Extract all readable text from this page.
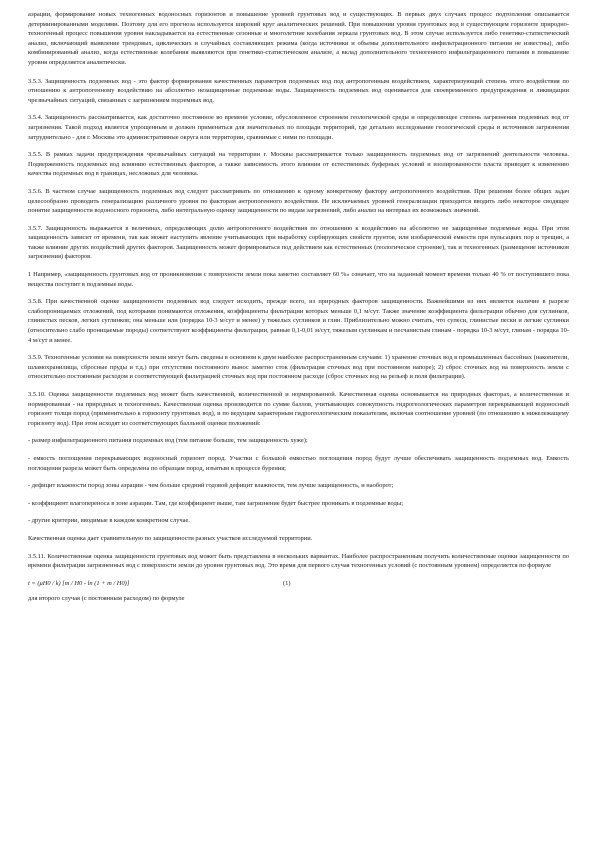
аэрации, формирование новых техногенных водоносных горизонтов и повышение уровней грунтовых вод и существующих. В первых двух случаях процесс подтопления описывается детерминированными моделями. Поэтому для его прогноза используется широкий круг аналитических решений. При повышении уровня грунтовых вод в существующем горизонте природно-техногенный процесс повышения уровня накладывается на естественные сезонные и многолетние колебания зеркала грунтовых вод. В этом случае используется либо генетико-статистический анализ, включающий выявление трендовых, циклических и случайных составляющих режима (когда источники и объемы дополнительного инфильтрационного питания не известны), либо комбинированный анализ, когда естественные колебания выявляются при генетико-статистическом анализе, а вклад дополнительного техногенного инфильтрационного питания в повышение уровня определяется аналитически.

3.5.3. Защищенность подземных вод - это фактор формирования качественных параметров подземных вод под антропогенным воздействием, характеризующий степень этого воздействия по отношению к антропогенному воздействию на абсолютно незащищенные подземные воды. Защищенность подземных вод оценивается для своевременного предупреждения и ликвидации чрезвычайных ситуаций, связанных с загрязнением подземных вод.

3.5.4. Защищенность рассматривается, как достаточно постоянное во времени условие, обусловленное строением геологической среды и определяющее степень загрязнения подземных вод от загрязнения. Такой подход является упрощенным и должен применяться для значительных по площади территорий, где детально исследование геологической среды и источников загрязнения затруднительно - для г. Москвы это административные округа или территории, сравнимые с ними по площади.

3.5.5. В рамках задачи предупреждения чрезвычайных ситуаций на территории г. Москвы рассматривается только защищенность подземных вод от загрязнений деятельности человека. Подверженность подземных вод влиянию естественных факторов, а также зависимость этого влияния от естественных буферных условий и изолированности пласта приводят к изменению качества подземных вод в границах, несложных для человека.

3.5.6. В частном случае защищенность подземных вод следует рассматривать по отношению к одному конкретному фактору антропогенного воздействия. При решении более общих задач целесообразно проводить генерализацию различного уровня по факторам антропогенного воздействия. Не исключаемых уровней генерализации приходится вводить либо некоторое сводящее понятие защищенности водоносного горизонта, либо интегральную оценку защищенности по видам загрязнений, либо анализ на интервал их возможных значений.

3.5.7. Защищенность выражается в величинах, определяющих долю антропогенного воздействия по отношению к воздействию на абсолютно не защищенные подземные воды. При этом защищенность зависит от времени, так как может наступить явление учитывающих при выработку сорбирующих свойств грунтов, или изобарической емкости при пульсациях пор и трещин, а также влияние других воздействий других факторов. Защищенность может формироваться под действием как естественных (геологическое строение), так и техногенных (размещение источников загрязнения) факторов.

1 Например, «защищенность грунтовых вод от проникновения с поверхности земли пока заметно составляет 60 %» означает, что на заданный момент времени только 40 % от поступившего пока вещества поступит в подземные воды.

3.5.8. При качественной оценке защищенности подземных вод следует исходить, прежде всего, из природных факторов защищенности. Важнейшими из них является наличие в разрезе слабопроницаемых отложений, под которыми понимаются отложения, коэффициенты фильтрации которых меньше 0,1 м/сут. Также значение коэффициента фильтрации обычно для суглинков, глинистых песков, легких суглинков; она меньше или (порядка 10-3 м/сут и менее) у тяжелых суглинков и глин. Приблизительно можно считать, что супеси, глинистые пески и легкие суглинки (относительно слабо проницаемые породы) соответствуют коэффициенты фильтрации, равные 0,1-0,01 м/сут, тяжелым суглинкам и песчанистым глинам - порядка 10-3 м/сут, глинам - порядка 10-4 м/сут и менее.

3.5.9. Техногенные условия на поверхности земли могут быть сведены в основном к двум наиболее распространенным случаям: 1) хранение сточных вод в промышленных бассейнах (накопители, шламохранилища, сбросные пруды и т.д.) при отсутствии постоянного вынос заметно сток (фильтрация сточных вод при постоянном напоре); 2) сброс сточных вод на поверхность земли с относительно постоянным расходом и соответствующей фильтрацией сточных вод при постоянном расходе (сброс сточных вод на рельеф и поля фильтрации).

3.5.10. Оценка защищенности подземных вод может быть качественной, количественной и нормированной. Качественная оценка основывается на природных факторах, а количественная и нормированная - на природных и техногенных. Качественная оценка производится по сумме баллов, учитывающих совокупность гидрогеологических параметров перекрывающей водоносный горизонт толщи пород (применительно к горизонту грунтовых вод), и по ведущим характерным гидрогеологическим показателям, включая соотношение уровней (по отношению к нижележащему горизонту вод). При этом исходят из соответствующих балльной оценки положений:

- размер инфильтрационного питания подземных вод (тем питание больше, тем защищенность хуже);

- емкость поглощения перекрывающих водоносный горизонт пород. Участки с большой емкостью поглощения пород будут лучше обеспечивать защищенность подземных вод. Емкость поглощения разреза может быть определена по образцам пород, изъятым в процессе бурения;

- дефицит влажности пород зоны аэрации - чем больше средний годовой дефицит влажности, тем лучше защищенность, и наоборот;

- коэффициент влагопереноса в зоне аэрации. Там, где коэффициент выше, там загрязнение будет быстрее проникать в подземные воды;

- другие критерии, вводимые в каждом конкретном случае.

Качественная оценка дает сравнительную по защищенности разных участков исследуемой территории.

3.5.11. Количественная оценка защищенности грунтовых вод может быть представлена в нескольких вариантах. Наиболее распространенным получить количественные оценки защищенности по времени фильтрации загрязненных вод с поверхности земли до уровня грунтовых вод. Это время для первого случая техногенных условий (с постоянным уровнем) определяется по формуле

t = (μH0 / k) [m / H0 - ln (1 + m / H0)]	(1)

для второго случая (с постоянным расходом) по формуле
